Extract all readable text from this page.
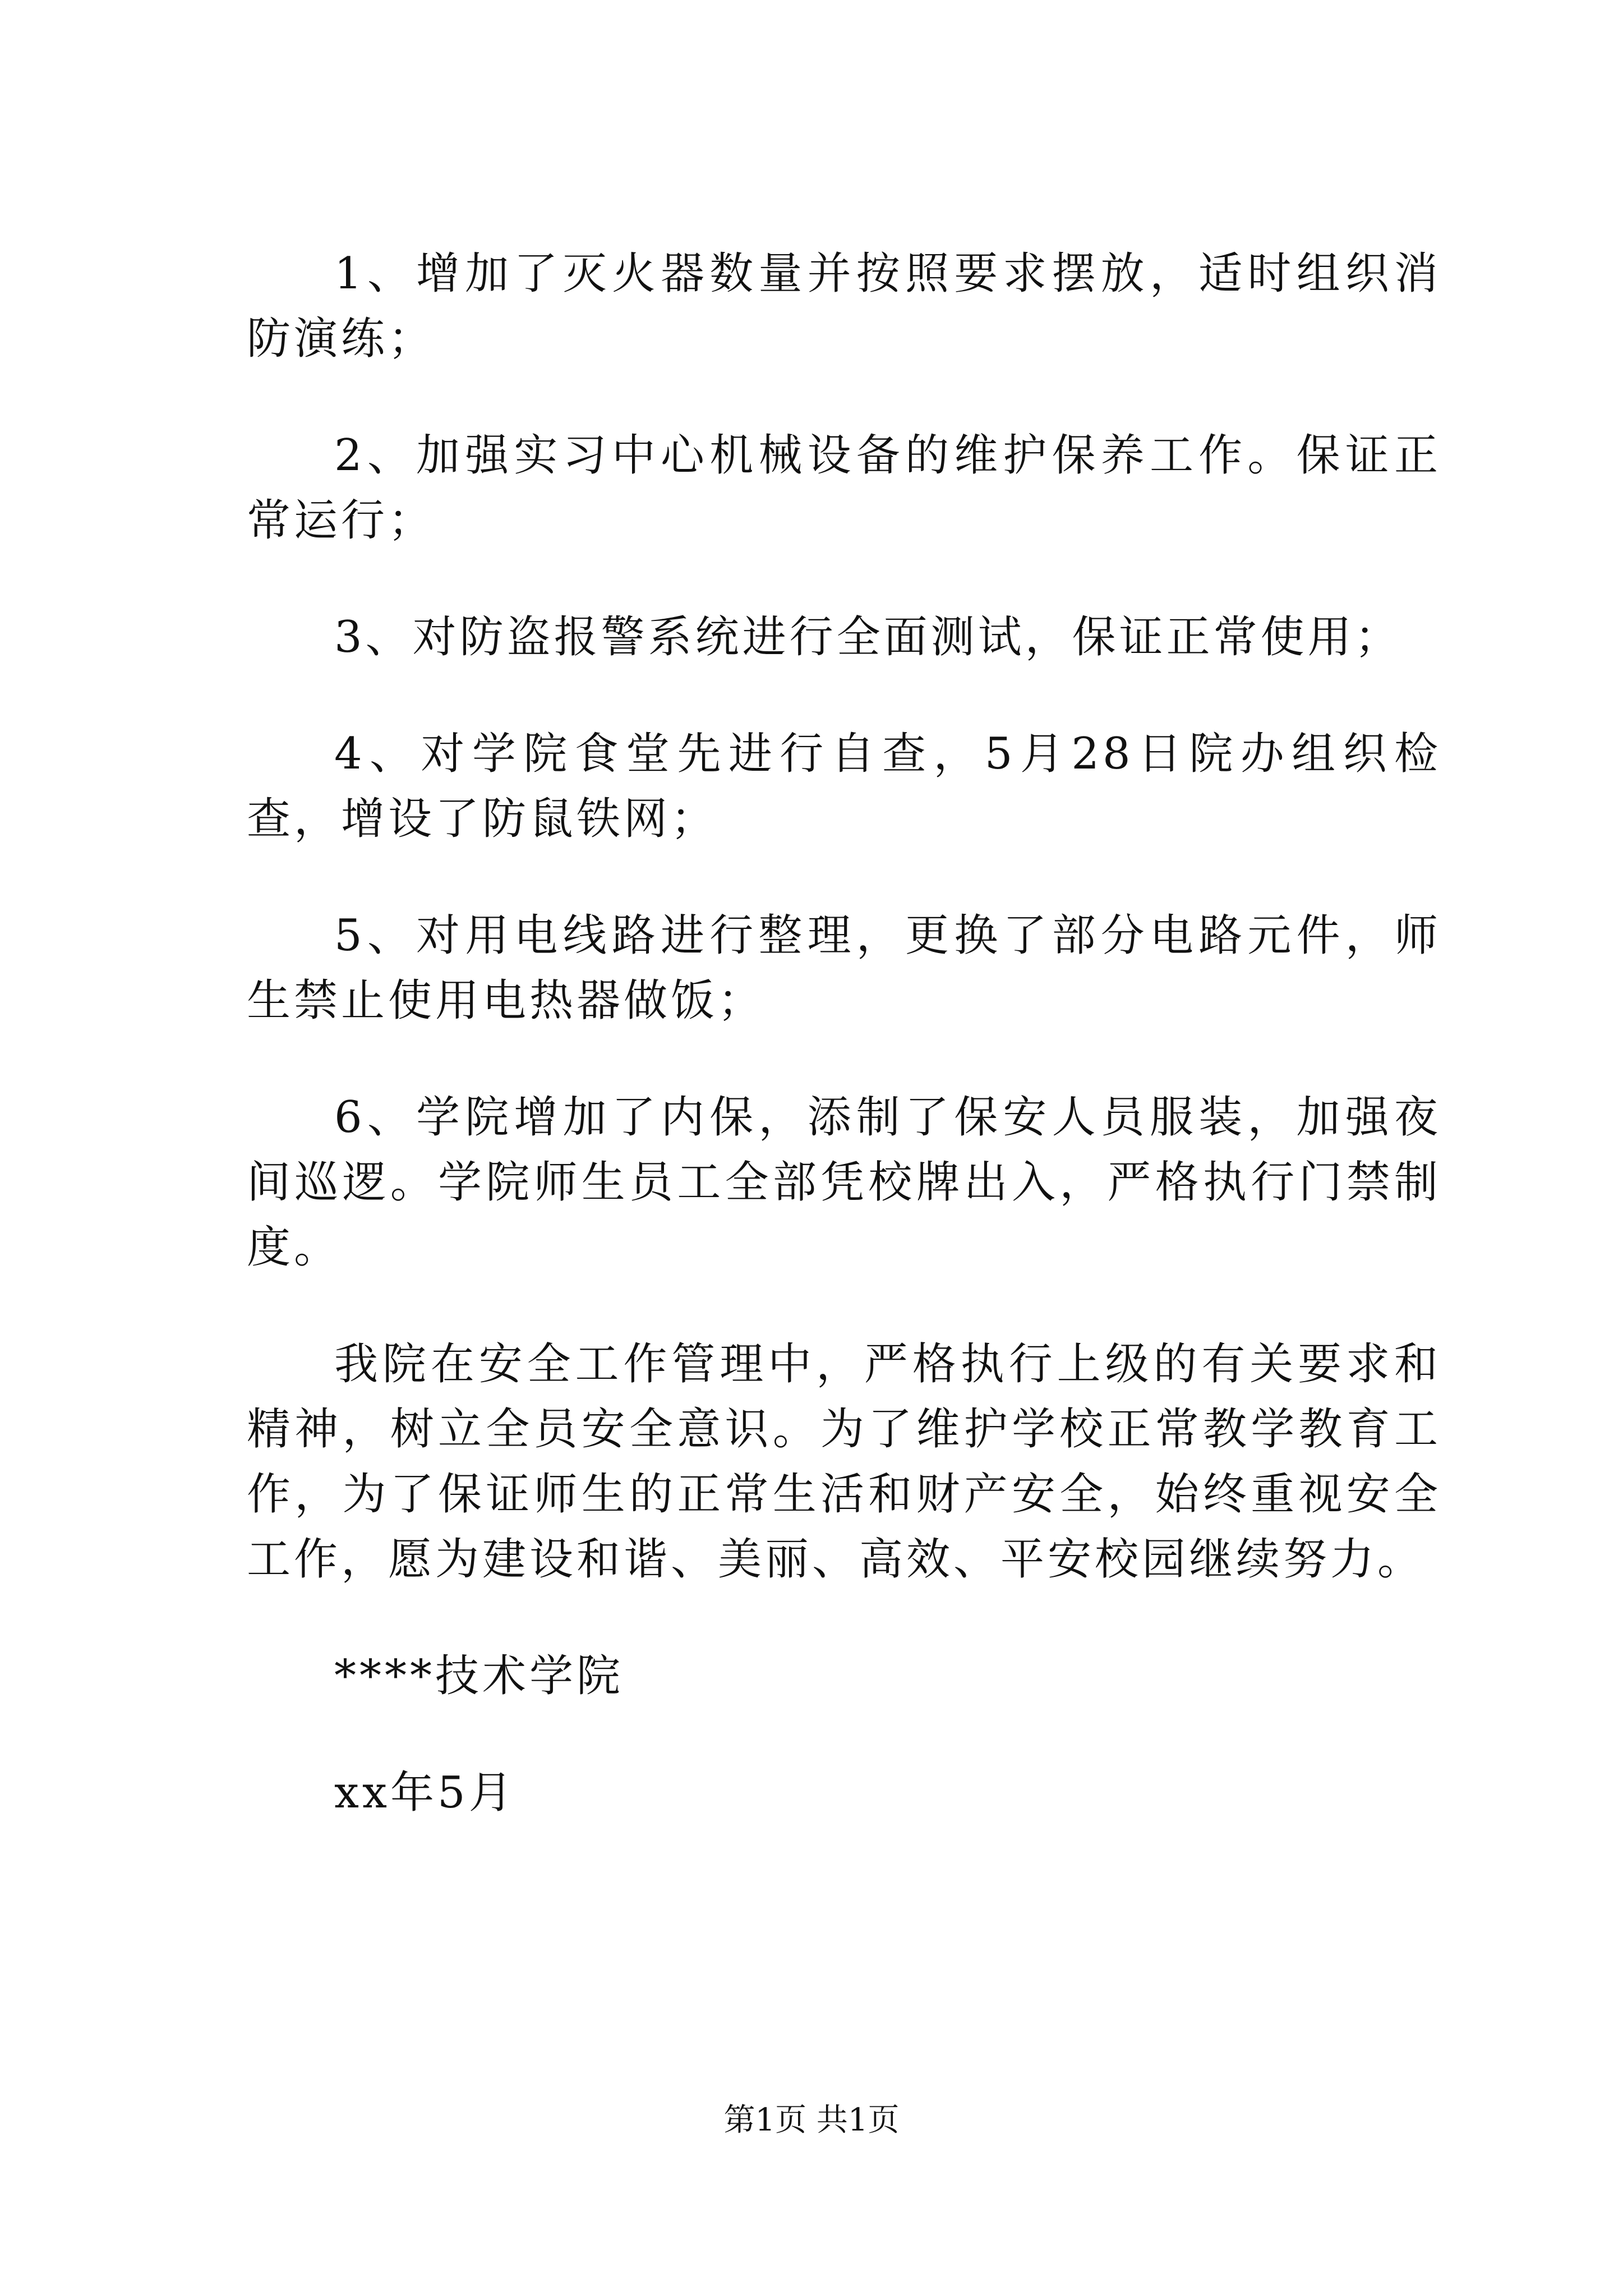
1、增加了灭火器数量并按照要求摆放，适时组织消防演练；

2、加强实习中心机械设备的维护保养工作。保证正常运行；

3、对防盗报警系统进行全面测试，保证正常使用；

4、对学院食堂先进行自查，5月28日院办组织检查，增设了防鼠铁网；

5、对用电线路进行整理，更换了部分电路元件，师生禁止使用电热器做饭；

6、学院增加了内保，添制了保安人员服装，加强夜间巡逻。学院师生员工全部凭校牌出入，严格执行门禁制度。

我院在安全工作管理中，严格执行上级的有关要求和精神，树立全员安全意识。为了维护学校正常教学教育工作，为了保证师生的正常生活和财产安全，始终重视安全工作，愿为建设和谐、美丽、高效、平安校园继续努力。

****技术学院

xx年5月

第1页 共1页
